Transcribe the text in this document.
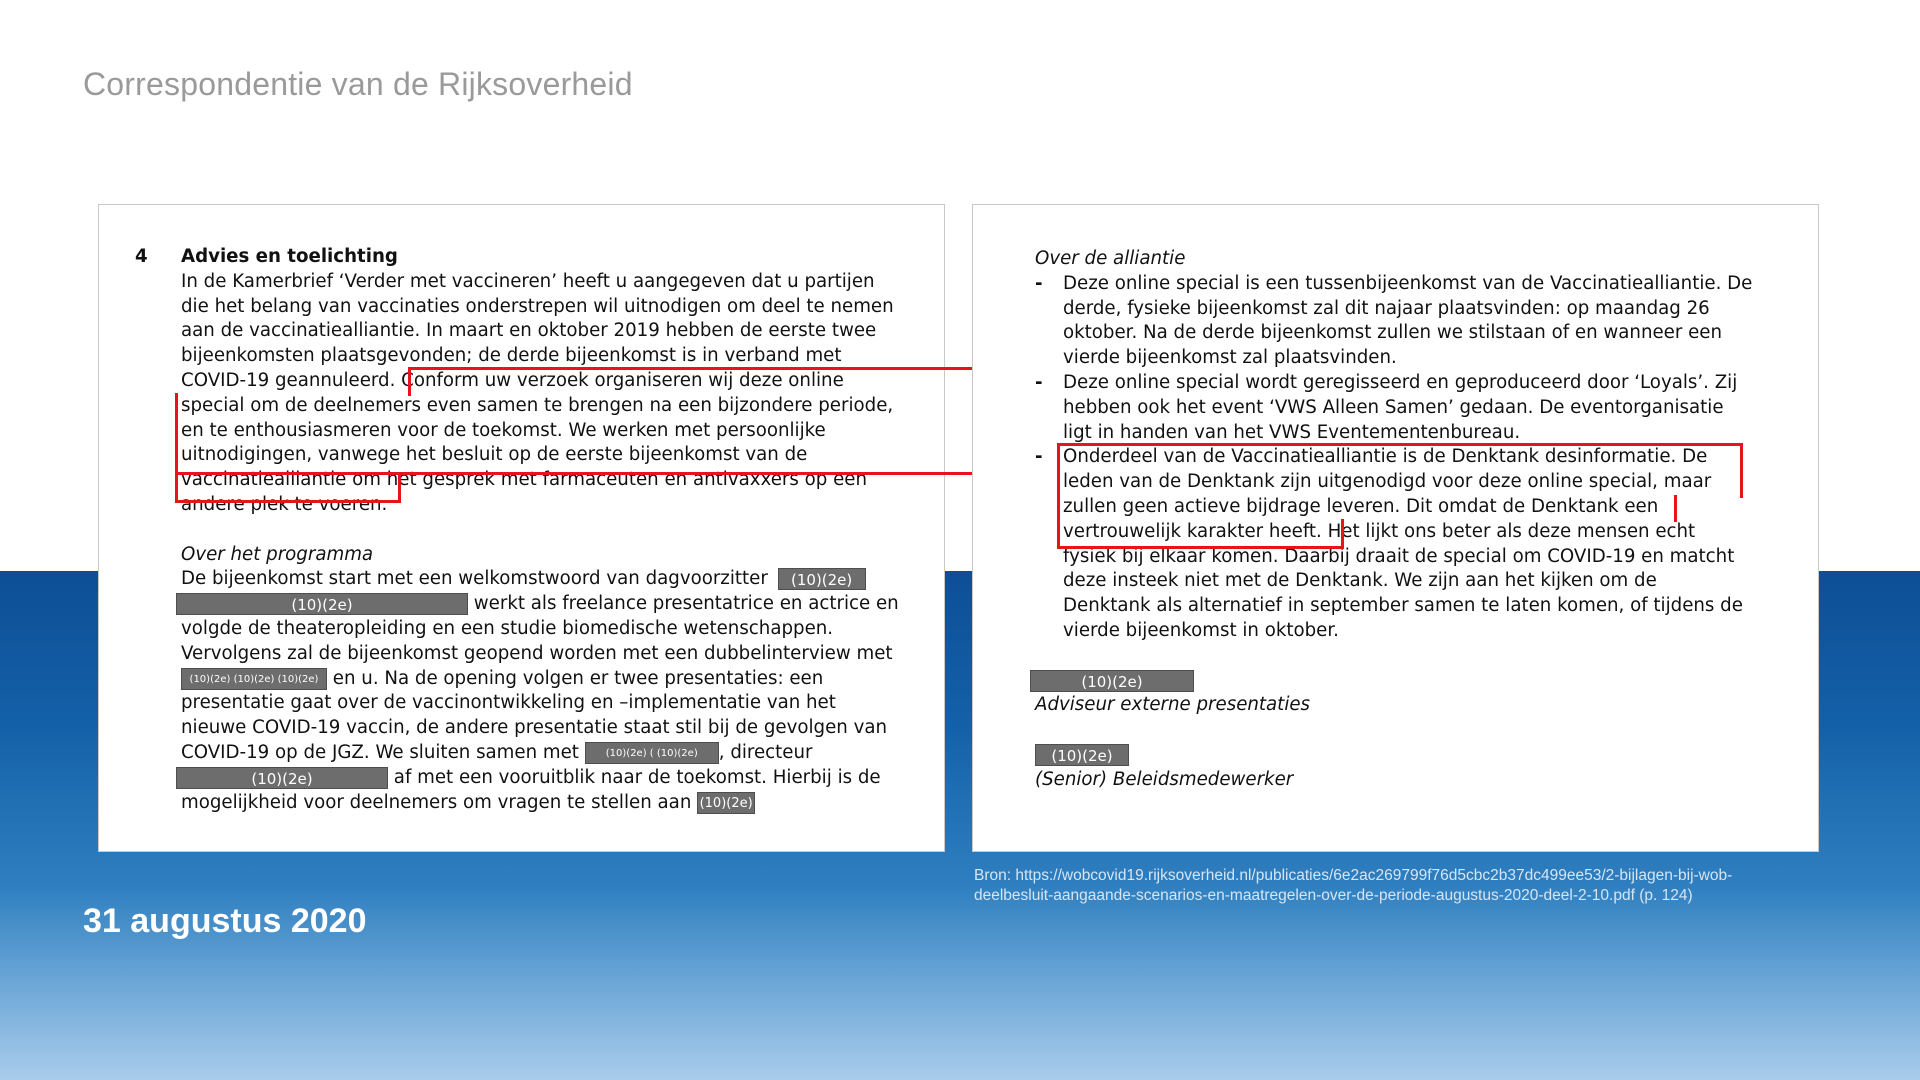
Correspondentie van de Rijksoverheid
4 Advies en toelichting
In de Kamerbrief ‘Verder met vaccineren’ heeft u aangegeven dat u partijen
die het belang van vaccinaties onderstrepen wil uitnodigen om deel te nemen
aan de vaccinatiealliantie. In maart en oktober 2019 hebben de eerste twee
bijeenkomsten plaatsgevonden; de derde bijeenkomst is in verband met
COVID-19 geannuleerd. Conform uw verzoek organiseren wij deze online
special om de deelnemers even samen te brengen na een bijzondere periode,
en te enthousiasmeren voor de toekomst. We werken met persoonlijke
uitnodigingen, vanwege het besluit op de eerste bijeenkomst van de
vaccinatiealliantie om het gesprek met farmaceuten en antivaxxers op een
andere plek te voeren.
Over het programma
De bijeenkomst start met een welkomstwoord van dagvoorzitter (10)(2e)
(10)(2e)	werkt als freelance presentatrice en actrice en
volgde de theateropleiding en een studie biomedische wetenschappen.
Vervolgens zal de bijeenkomst geopend worden met een dubbelinterview met
(10)(2e) (10)(2e) (10)(2e) en u. Na de opening volgen er twee presentaties: een
presentatie gaat over de vaccinontwikkeling en –implementatie van het
nieuwe COVID-19 vaccin, de andere presentatie staat stil bij de gevolgen van
COVID-19 op de JGZ. We sluiten samen met	(10)(2e) ( (10)(2e) , directeur
(10)(2e)	af met een vooruitblik naar de toekomst. Hierbij is de
mogelijkheid voor deelnemers om vragen te stellen aan (10)(2e)
Over de alliantie
-	Deze online special is een tussenbijeenkomst van de Vaccinatiealliantie. De
derde, fysieke bijeenkomst zal dit najaar plaatsvinden: op maandag 26
oktober. Na de derde bijeenkomst zullen we stilstaan of en wanneer een
vierde bijeenkomst zal plaatsvinden.
-	Deze online special wordt geregisseerd en geproduceerd door ‘Loyals’. Zij
hebben ook het event ‘VWS Alleen Samen’ gedaan. De eventorganisatie
ligt in handen van het VWS Eventementenbureau.
-	Onderdeel van de Vaccinatiealliantie is de Denktank desinformatie. De
leden van de Denktank zijn uitgenodigd voor deze online special, maar
zullen geen actieve bijdrage leveren. Dit omdat de Denktank een
vertrouwelijk karakter heeft. Het lijkt ons beter als deze mensen echt
fysiek bij elkaar komen. Daarbij draait de special om COVID-19 en matcht
deze insteek niet met de Denktank. We zijn aan het kijken om de
Denktank als alternatief in september samen te laten komen, of tijdens de
vierde bijeenkomst in oktober.
(10)(2e)
Adviseur externe presentaties
(10)(2e)
(Senior) Beleidsmedewerker
31 augustus 2020
Bron: https://wobcovid19.rijksoverheid.nl/publicaties/6e2ac269799f76d5cbc2b37dc499ee53/2-bijlagen-bij-wob-deelbesluit-aangaande-scenarios-en-maatregelen-over-de-periode-augustus-2020-deel-2-10.pdf (p. 124)
